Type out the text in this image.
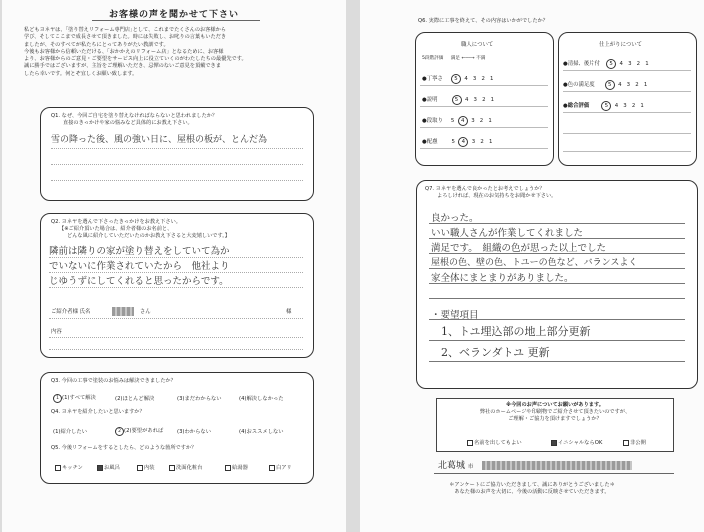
お客様の声を聞かせて下さい
私どもヨネヤは、｢塗り替えリフォーム専門店｣として、これまでたくさんのお客様から
学び、そしてここまで成長させて頂きました。時には失敗し、お叱りの言葉もいただき
ましたが、そのすべてが私たちにとってありがたい教訓です。
今後もお客様から信頼いただける、「おかかえのリフォーム店」となるために、お客様
より、お客様からのご意見・ご要望をサービス向上に役立ていくのがわたしたちの最優先です。
誠に勝手ではございますが、主旨をご理解いただき、忌憚のないご意見を頂戴できま
したら幸いです。何とぞ宜しくお願い致します。
Q1. なぜ、今回ご自宅を塗り替えなければならないと思われましたか？
直接のきっかけや家の悩みなど具体的にお教え下さい。
雪の降った後、風の強い日に、屋根の板が、とんだ為
Q2. ヨネヤを選んで下さったきっかけをお教え下さい。
【※ご紹介頂いた場合は、紹介者様のお名前と、
どんな風に紹介していただいたのかお教え下さると大変嬉しいです。】
隣前は隣りの家が塗り替えをしていて為か
でいないに作業されていたから　他社より
じゆうずにしてくれると思ったからです。
ご紹介者様 氏名	さん	様
内容
Q3. 今回の工事で塗装のお悩みは解決できましたか？
1 (1)すべて解決	(2)ほとんど解決	(3)まだわからない	(4)解決しなかった
Q4. ヨネヤを紹介したいと思いますか？
(1)紹介したい	2 (2)要望があれば	(3)わからない	(4)おススメしない
Q5. 今後リフォームをするとしたら、どのような箇所ですか？
キッチン	お風呂	内装	洗面化粧台	給湯器	白アリ
Q6. 実際に工事を終えて、その内容はいかがでしたか？
職人について
5段階評価 満足 ←──→ 不満
●丁寧さ 5  4   3   2   1
●説明	5  4   3   2   1
●段取り 5  4  3   2   1
●配慮	5  4  3   2   1
仕上がりについて
●清掃、後片付 5  4   3   2   1
●色の満足度 5  4   3   2   1
●総合評価	5  4   3   2   1
Q7. ヨネヤを選んで良かったとお考えでしょうか？
よろしければ、現在のお気持ちをお聞かせ下さい。
良かった。
いい職人さんが作業してくれました
満足です。　組織の色が思った以上でした
屋根の色、壁の色、トユーの色など、バランスよく
家全体にまとまりがありました。
・要望項目
1、トユ埋込部の地上部分更新
2、ベランダトユ 更新
※今回のお声についてお願いがあります。
弊社のホームページや印刷物でご紹介させて頂きたいのですが、
ご理解・ご協力を頂けますでしょうか？
名前を出してもよい	イニシャルならOK	非公開
北葛城 市
＊アンケートにご協力いただきまして、誠にありがとうございました＊
あなた様のお声を大切に、今後の活動に反映させていただきます。
